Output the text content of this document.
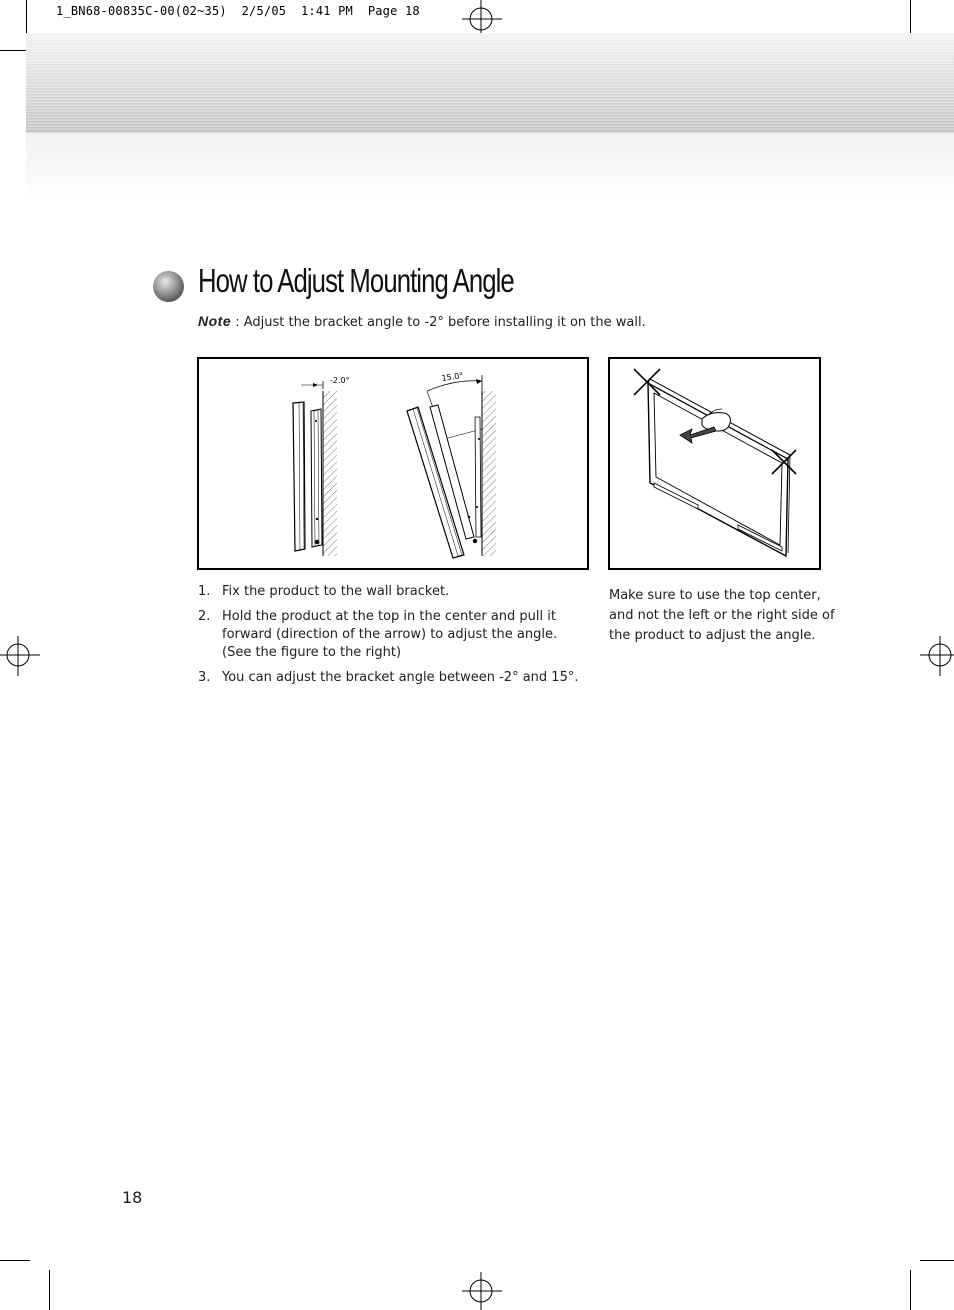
1_BN68-00835C-00(02~35)  2/5/05  1:41 PM  Page 18
How to Adjust Mounting Angle
Note : Adjust the bracket angle to -2° before installing it on the wall.
-2.0°	15.0°
1. Fix the product to the wall bracket.
2. Hold the product at the top in the center and pull it
forward (direction of the arrow) to adjust the angle.
(See the figure to the right)
3. You can adjust the bracket angle between -2° and 15°.
Make sure to use the top center, and not the left or the right side of the product to adjust the angle.
18
